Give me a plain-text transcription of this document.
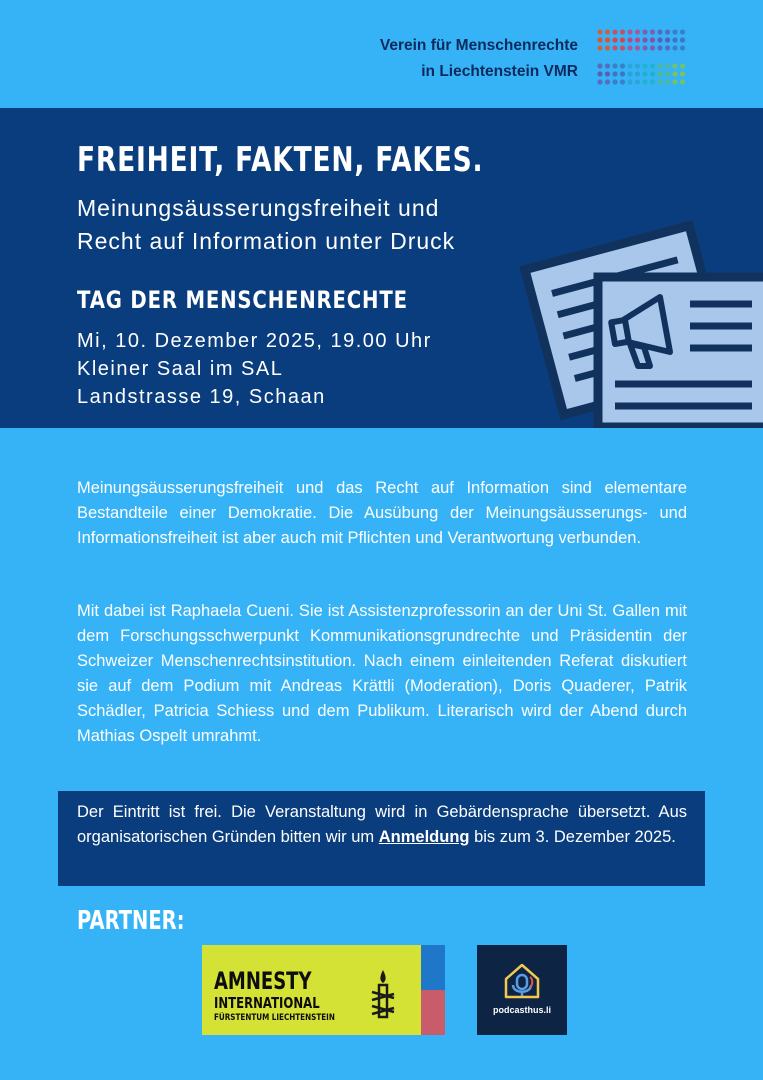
Verein für Menschenrechte
in Liechtenstein VMR
FREIHEIT, FAKTEN, FAKES.
Meinungsäusserungsfreiheit und
Recht auf Information unter Druck
TAG DER MENSCHENRECHTE
Mi, 10. Dezember 2025, 19.00 Uhr
Kleiner Saal im SAL
Landstrasse 19, Schaan

Meinungsäusserungsfreiheit und das Recht auf Information sind elementare Bestandteile einer Demokratie. Die Ausübung der Meinungsäusserungs- und Informationsfreiheit ist aber auch mit Pflichten und Verantwortung verbunden.

Mit dabei ist Raphaela Cueni. Sie ist Assistenzprofessorin an der Uni St. Gallen mit dem Forschungsschwerpunkt Kommunikationsgrundrechte und Präsidentin der Schweizer Menschenrechtsinstitution. Nach einem einleitenden Referat diskutiert sie auf dem Podium mit Andreas Krättli (Moderation), Doris Quaderer, Patrik Schädler, Patricia Schiess und dem Publikum. Literarisch wird der Abend durch Mathias Ospelt umrahmt.

Der Eintritt ist frei. Die Veranstaltung wird in Gebärdensprache übersetzt. Aus organisatorischen Gründen bitten wir um Anmeldung bis zum 3. Dezember 2025.

PARTNER:
AMNESTY
INTERNATIONAL
FÜRSTENTUM LIECHTENSTEIN
podcasthus.li
